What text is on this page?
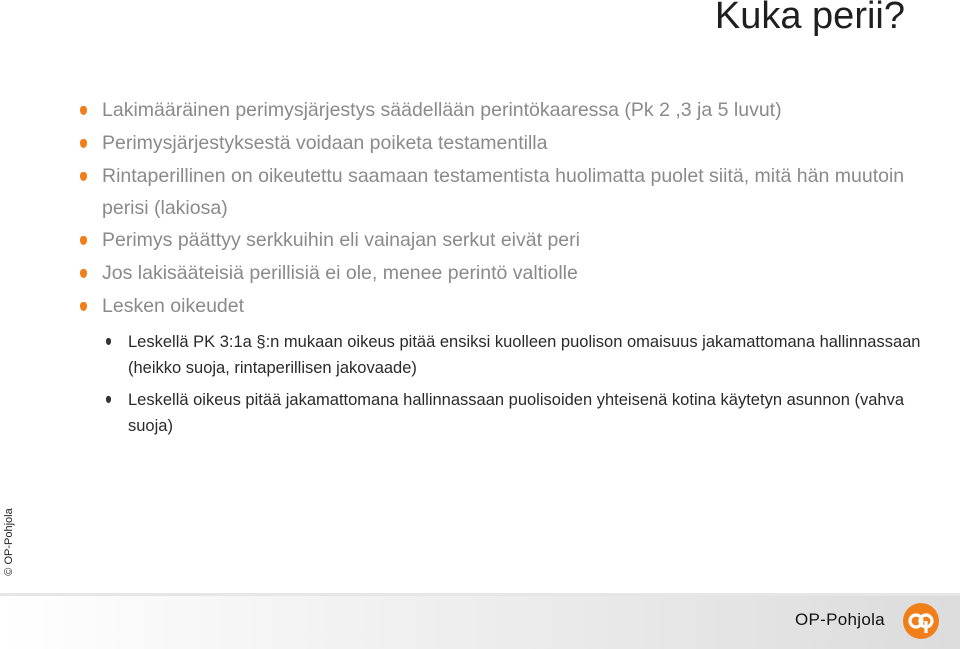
Kuka perii?
Lakimääräinen perimysjärjestys säädellään perintökaaressa (Pk 2 ,3 ja 5 luvut)
Perimysjärjestyksestä voidaan poiketa testamentilla
Rintaperillinen on oikeutettu saamaan testamentista huolimatta puolet siitä, mitä hän muutoin perisi (lakiosa)
Perimys päättyy serkkuihin eli vainajan serkut eivät peri
Jos lakisääteisiä perillisiä ei ole, menee perintö valtiolle
Lesken oikeudet
Leskellä PK 3:1a §:n mukaan oikeus pitää ensiksi kuolleen puolison omaisuus jakamattomana hallinnassaan (heikko suoja, rintaperillisen jakovaade)
Leskellä oikeus pitää jakamattomana hallinnassaan puolisoiden yhteisenä kotina käytetyn asunnon (vahva suoja)
© OP-Pohjola
OP-Pohjola
